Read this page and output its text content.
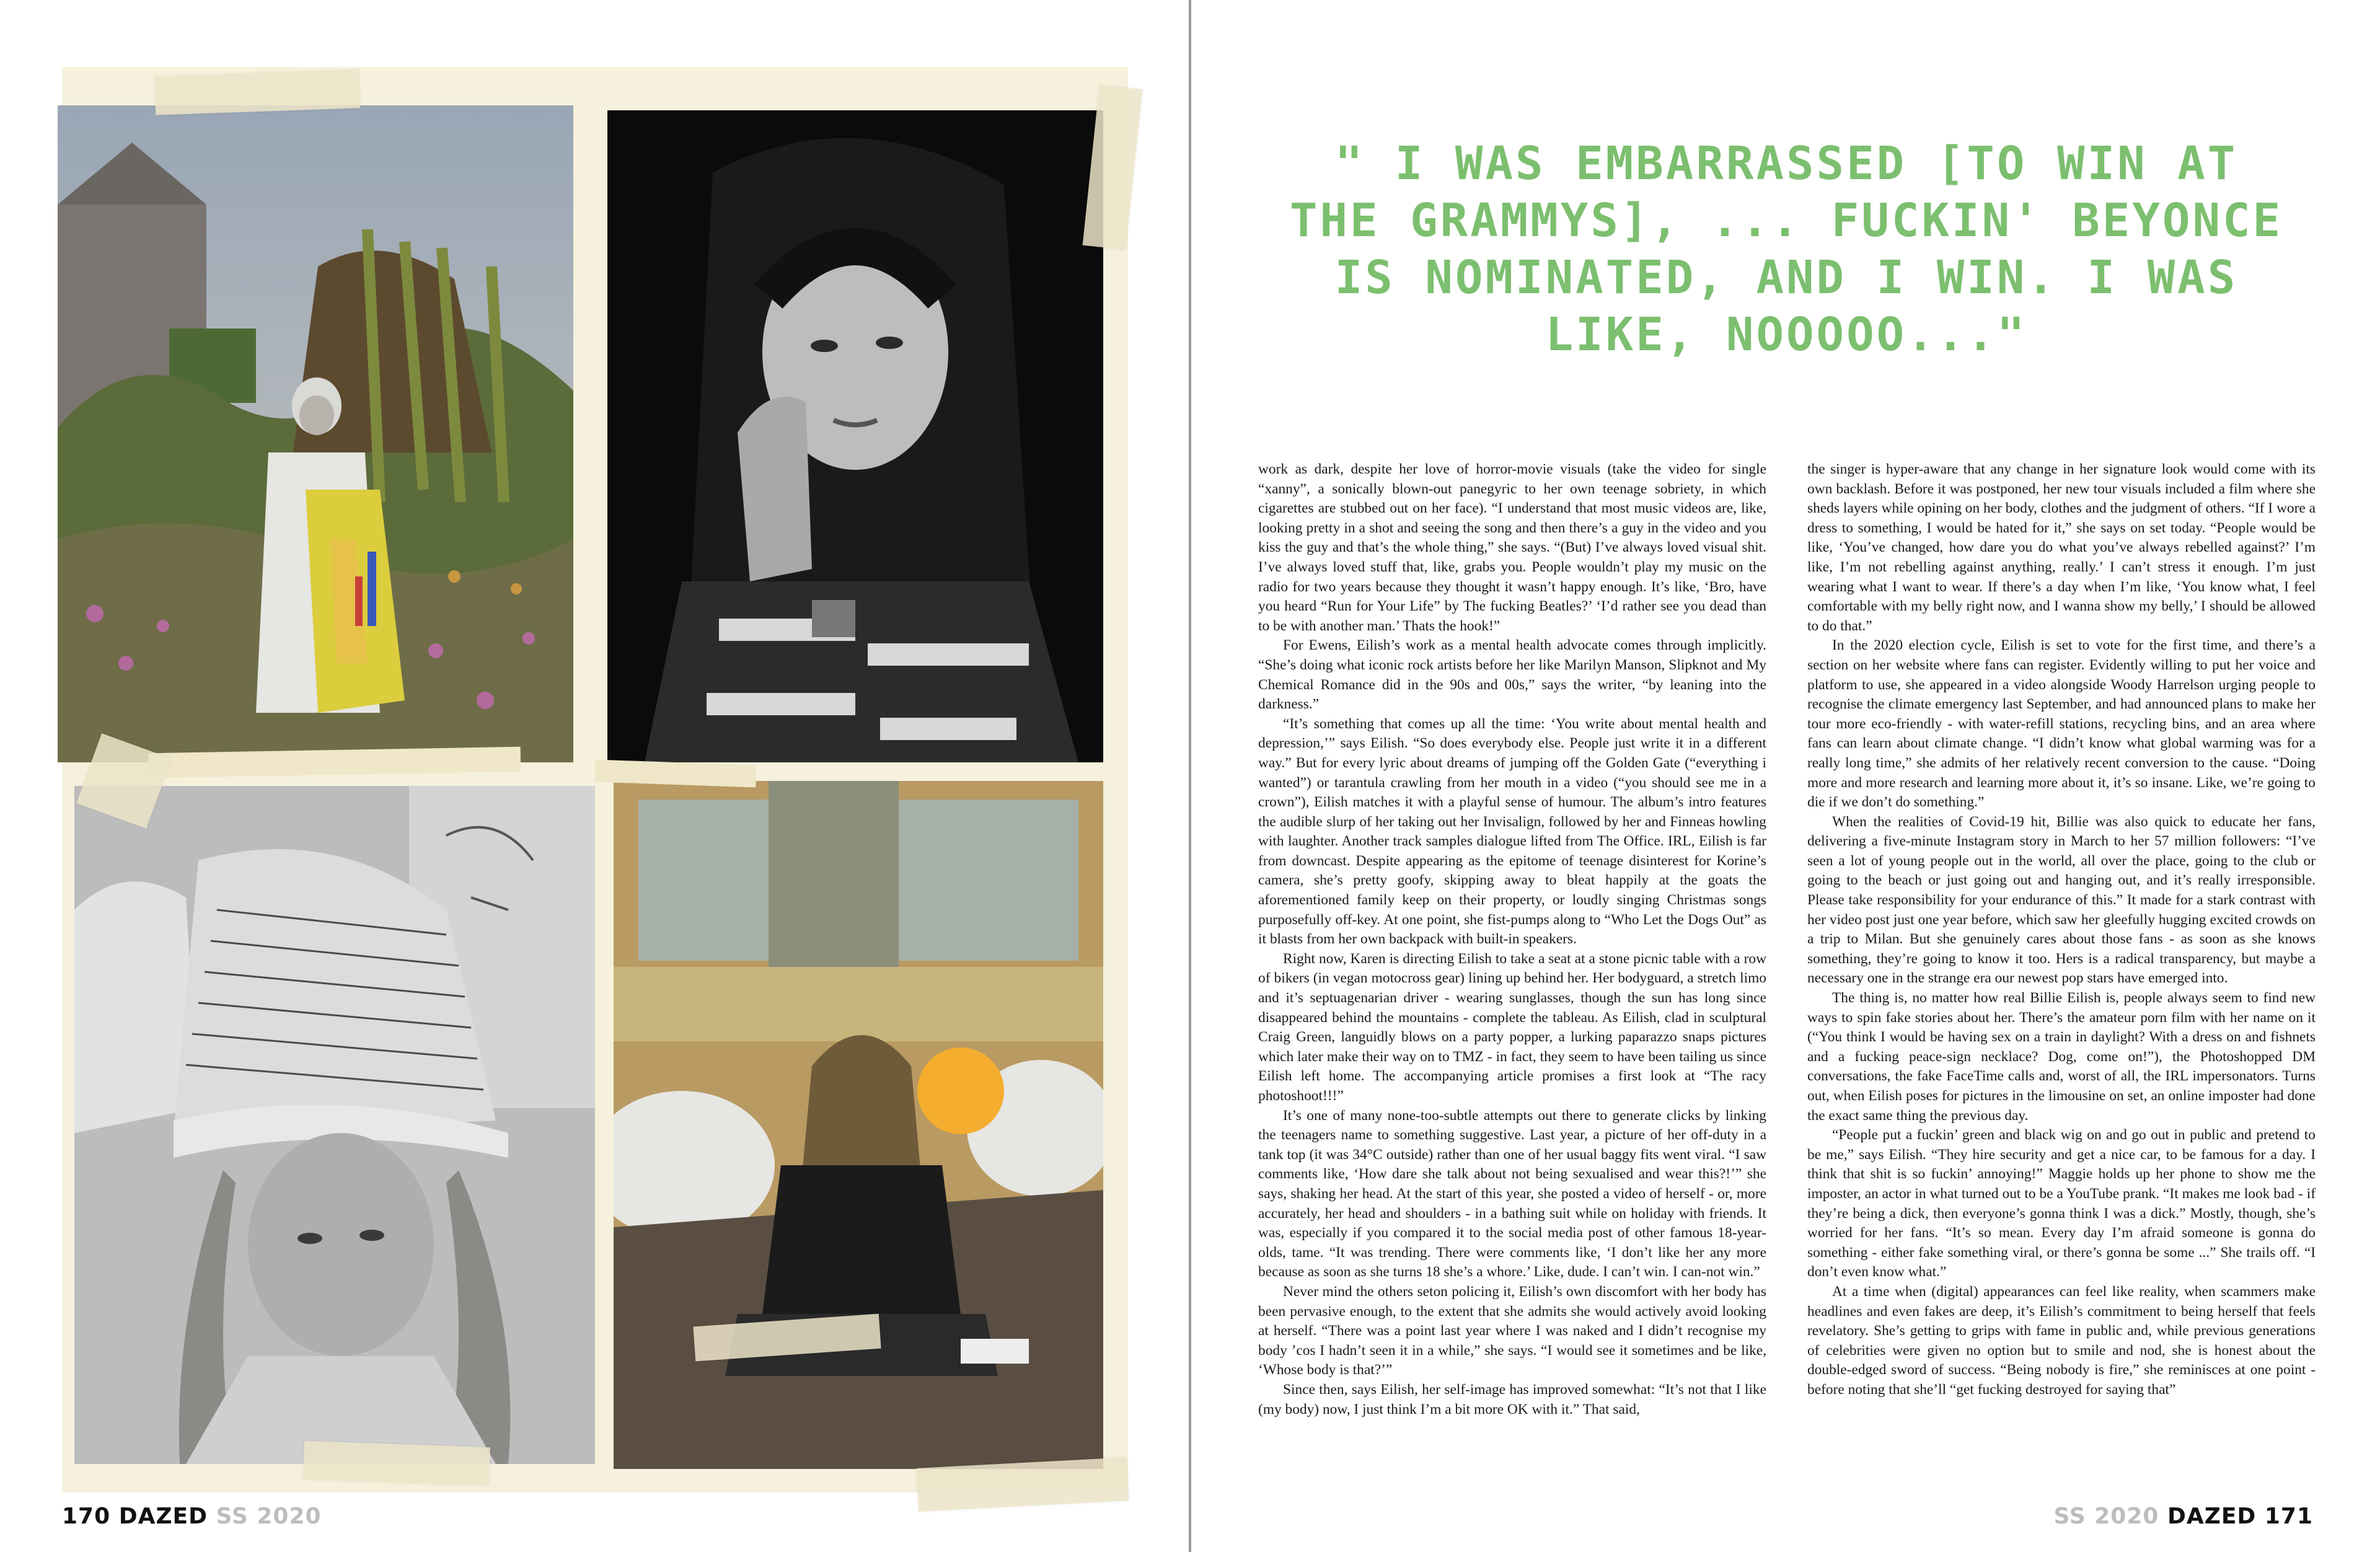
170 DAZED SS 2020
" I WAS EMBARRASSED [TO WIN AT THE GRAMMYS], ... FUCKIN' BEYONCE IS NOMINATED, AND I WIN. I WAS LIKE, NOOOOO..."

work as dark, despite her love of horror-movie visuals (take the video for single “xanny”, a sonically blown-out panegyric to her own teenage sobriety, in which cigarettes are stubbed out on her face). “I understand that most music videos are, like, looking pretty in a shot and seeing the song and then there’s a guy in the video and you kiss the guy and that’s the whole thing,” she says. “(But) I’ve always loved visual shit. I’ve always loved stuff that, like, grabs you. People wouldn’t play my music on the radio for two years because they thought it wasn’t happy enough. It’s like, ‘Bro, have you heard “Run for Your Life” by The fucking Beatles?’ ‘I’d rather see you dead than to be with another man.’ Thats the hook!”

For Ewens, Eilish’s work as a mental health advocate comes through implicitly. “She’s doing what iconic rock artists before her like Marilyn Manson, Slipknot and My Chemical Romance did in the 90s and 00s,” says the writer, “by leaning into the darkness.”

“It’s something that comes up all the time: ‘You write about mental health and depression,’” says Eilish. “So does everybody else. People just write it in a different way.” But for every lyric about dreams of jumping off the Golden Gate (“everything i wanted”) or tarantula crawling from her mouth in a video (“you should see me in a crown”), Eilish matches it with a playful sense of humour. The album’s intro features the audible slurp of her taking out her Invisalign, followed by her and Finneas howling with laughter. Another track samples dialogue lifted from The Office. IRL, Eilish is far from downcast. Despite appearing as the epitome of teenage disinterest for Korine’s camera, she’s pretty goofy, skipping away to bleat happily at the goats the aforementioned family keep on their property, or loudly singing Christmas songs purposefully off-key. At one point, she fist-pumps along to “Who Let the Dogs Out” as it blasts from her own backpack with built-in speakers.

Right now, Karen is directing Eilish to take a seat at a stone picnic table with a row of bikers (in vegan motocross gear) lining up behind her. Her bodyguard, a stretch limo and it’s septuagenarian driver - wearing sunglasses, though the sun has long since disappeared behind the mountains - complete the tableau. As Eilish, clad in sculptural Craig Green, languidly blows on a party popper, a lurking paparazzo snaps pictures which later make their way on to TMZ - in fact, they seem to have been tailing us since Eilish left home. The accompanying article promises a first look at “The racy photoshoot!!!”

It’s one of many none-too-subtle attempts out there to generate clicks by linking the teenagers name to something suggestive. Last year, a picture of her off-duty in a tank top (it was 34°C outside) rather than one of her usual baggy fits went viral. “I saw comments like, ‘How dare she talk about not being sexualised and wear this?!’” she says, shaking her head. At the start of this year, she posted a video of herself - or, more accurately, her head and shoulders - in a bathing suit while on holiday with friends. It was, especially if you compared it to the social media post of other famous 18-year-olds, tame. “It was trending. There were comments like, ‘I don’t like her any more because as soon as she turns 18 she’s a whore.’ Like, dude. I can’t win. I can-not win.”

Never mind the others seton policing it, Eilish’s own discomfort with her body has been pervasive enough, to the extent that she admits she would actively avoid looking at herself. “There was a point last year where I was naked and I didn’t recognise my body ’cos I hadn’t seen it in a while,” she says. “I would see it sometimes and be like, ‘Whose body is that?’”

Since then, says Eilish, her self-image has improved somewhat: “It’s not that I like (my body) now, I just think I’m a bit more OK with it.” That said,

the singer is hyper-aware that any change in her signature look would come with its own backlash. Before it was postponed, her new tour visuals included a film where she sheds layers while opining on her body, clothes and the judgment of others. “If I wore a dress to something, I would be hated for it,” she says on set today. “People would be like, ‘You’ve changed, how dare you do what you’ve always rebelled against?’ I’m like, I’m not rebelling against anything, really.’ I can’t stress it enough. I’m just wearing what I want to wear. If there’s a day when I’m like, ‘You know what, I feel comfortable with my belly right now, and I wanna show my belly,’ I should be allowed to do that.”

In the 2020 election cycle, Eilish is set to vote for the first time, and there’s a section on her website where fans can register. Evidently willing to put her voice and platform to use, she appeared in a video alongside Woody Harrelson urging people to recognise the climate emergency last September, and had announced plans to make her tour more eco-friendly - with water-refill stations, recycling bins, and an area where fans can learn about climate change. “I didn’t know what global warming was for a really long time,” she admits of her relatively recent conversion to the cause. “Doing more and more research and learning more about it, it’s so insane. Like, we’re going to die if we don’t do something.”

When the realities of Covid-19 hit, Billie was also quick to educate her fans, delivering a five-minute Instagram story in March to her 57 million followers: “I’ve seen a lot of young people out in the world, all over the place, going to the club or going to the beach or just going out and hanging out, and it’s really irresponsible. Please take responsibility for your endurance of this.” It made for a stark contrast with her video post just one year before, which saw her gleefully hugging excited crowds on a trip to Milan. But she genuinely cares about those fans - as soon as she knows something, they’re going to know it too. Hers is a radical transparency, but maybe a necessary one in the strange era our newest pop stars have emerged into.

The thing is, no matter how real Billie Eilish is, people always seem to find new ways to spin fake stories about her. There’s the amateur porn film with her name on it (“You think I would be having sex on a train in daylight? With a dress on and fishnets and a fucking peace-sign necklace? Dog, come on!”), the Photoshopped DM conversations, the fake FaceTime calls and, worst of all, the IRL impersonators. Turns out, when Eilish poses for pictures in the limousine on set, an online imposter had done the exact same thing the previous day.

“People put a fuckin’ green and black wig on and go out in public and pretend to be me,” says Eilish. “They hire security and get a nice car, to be famous for a day. I think that shit is so fuckin’ annoying!” Maggie holds up her phone to show me the imposter, an actor in what turned out to be a YouTube prank. “It makes me look bad - if they’re being a dick, then everyone’s gonna think I was a dick.” Mostly, though, she’s worried for her fans. “It’s so mean. Every day I’m afraid someone is gonna do something - either fake something viral, or there’s gonna be some ...” She trails off. “I don’t even know what.”

At a time when (digital) appearances can feel like reality, when scammers make headlines and even fakes are deep, it’s Eilish’s commitment to being herself that feels revelatory. She’s getting to grips with fame in public and, while previous generations of celebrities were given no option but to smile and nod, she is honest about the double-edged sword of success. “Being nobody is fire,” she reminisces at one point - before noting that she’ll “get fucking destroyed for saying that”

SS 2020 DAZED 171
